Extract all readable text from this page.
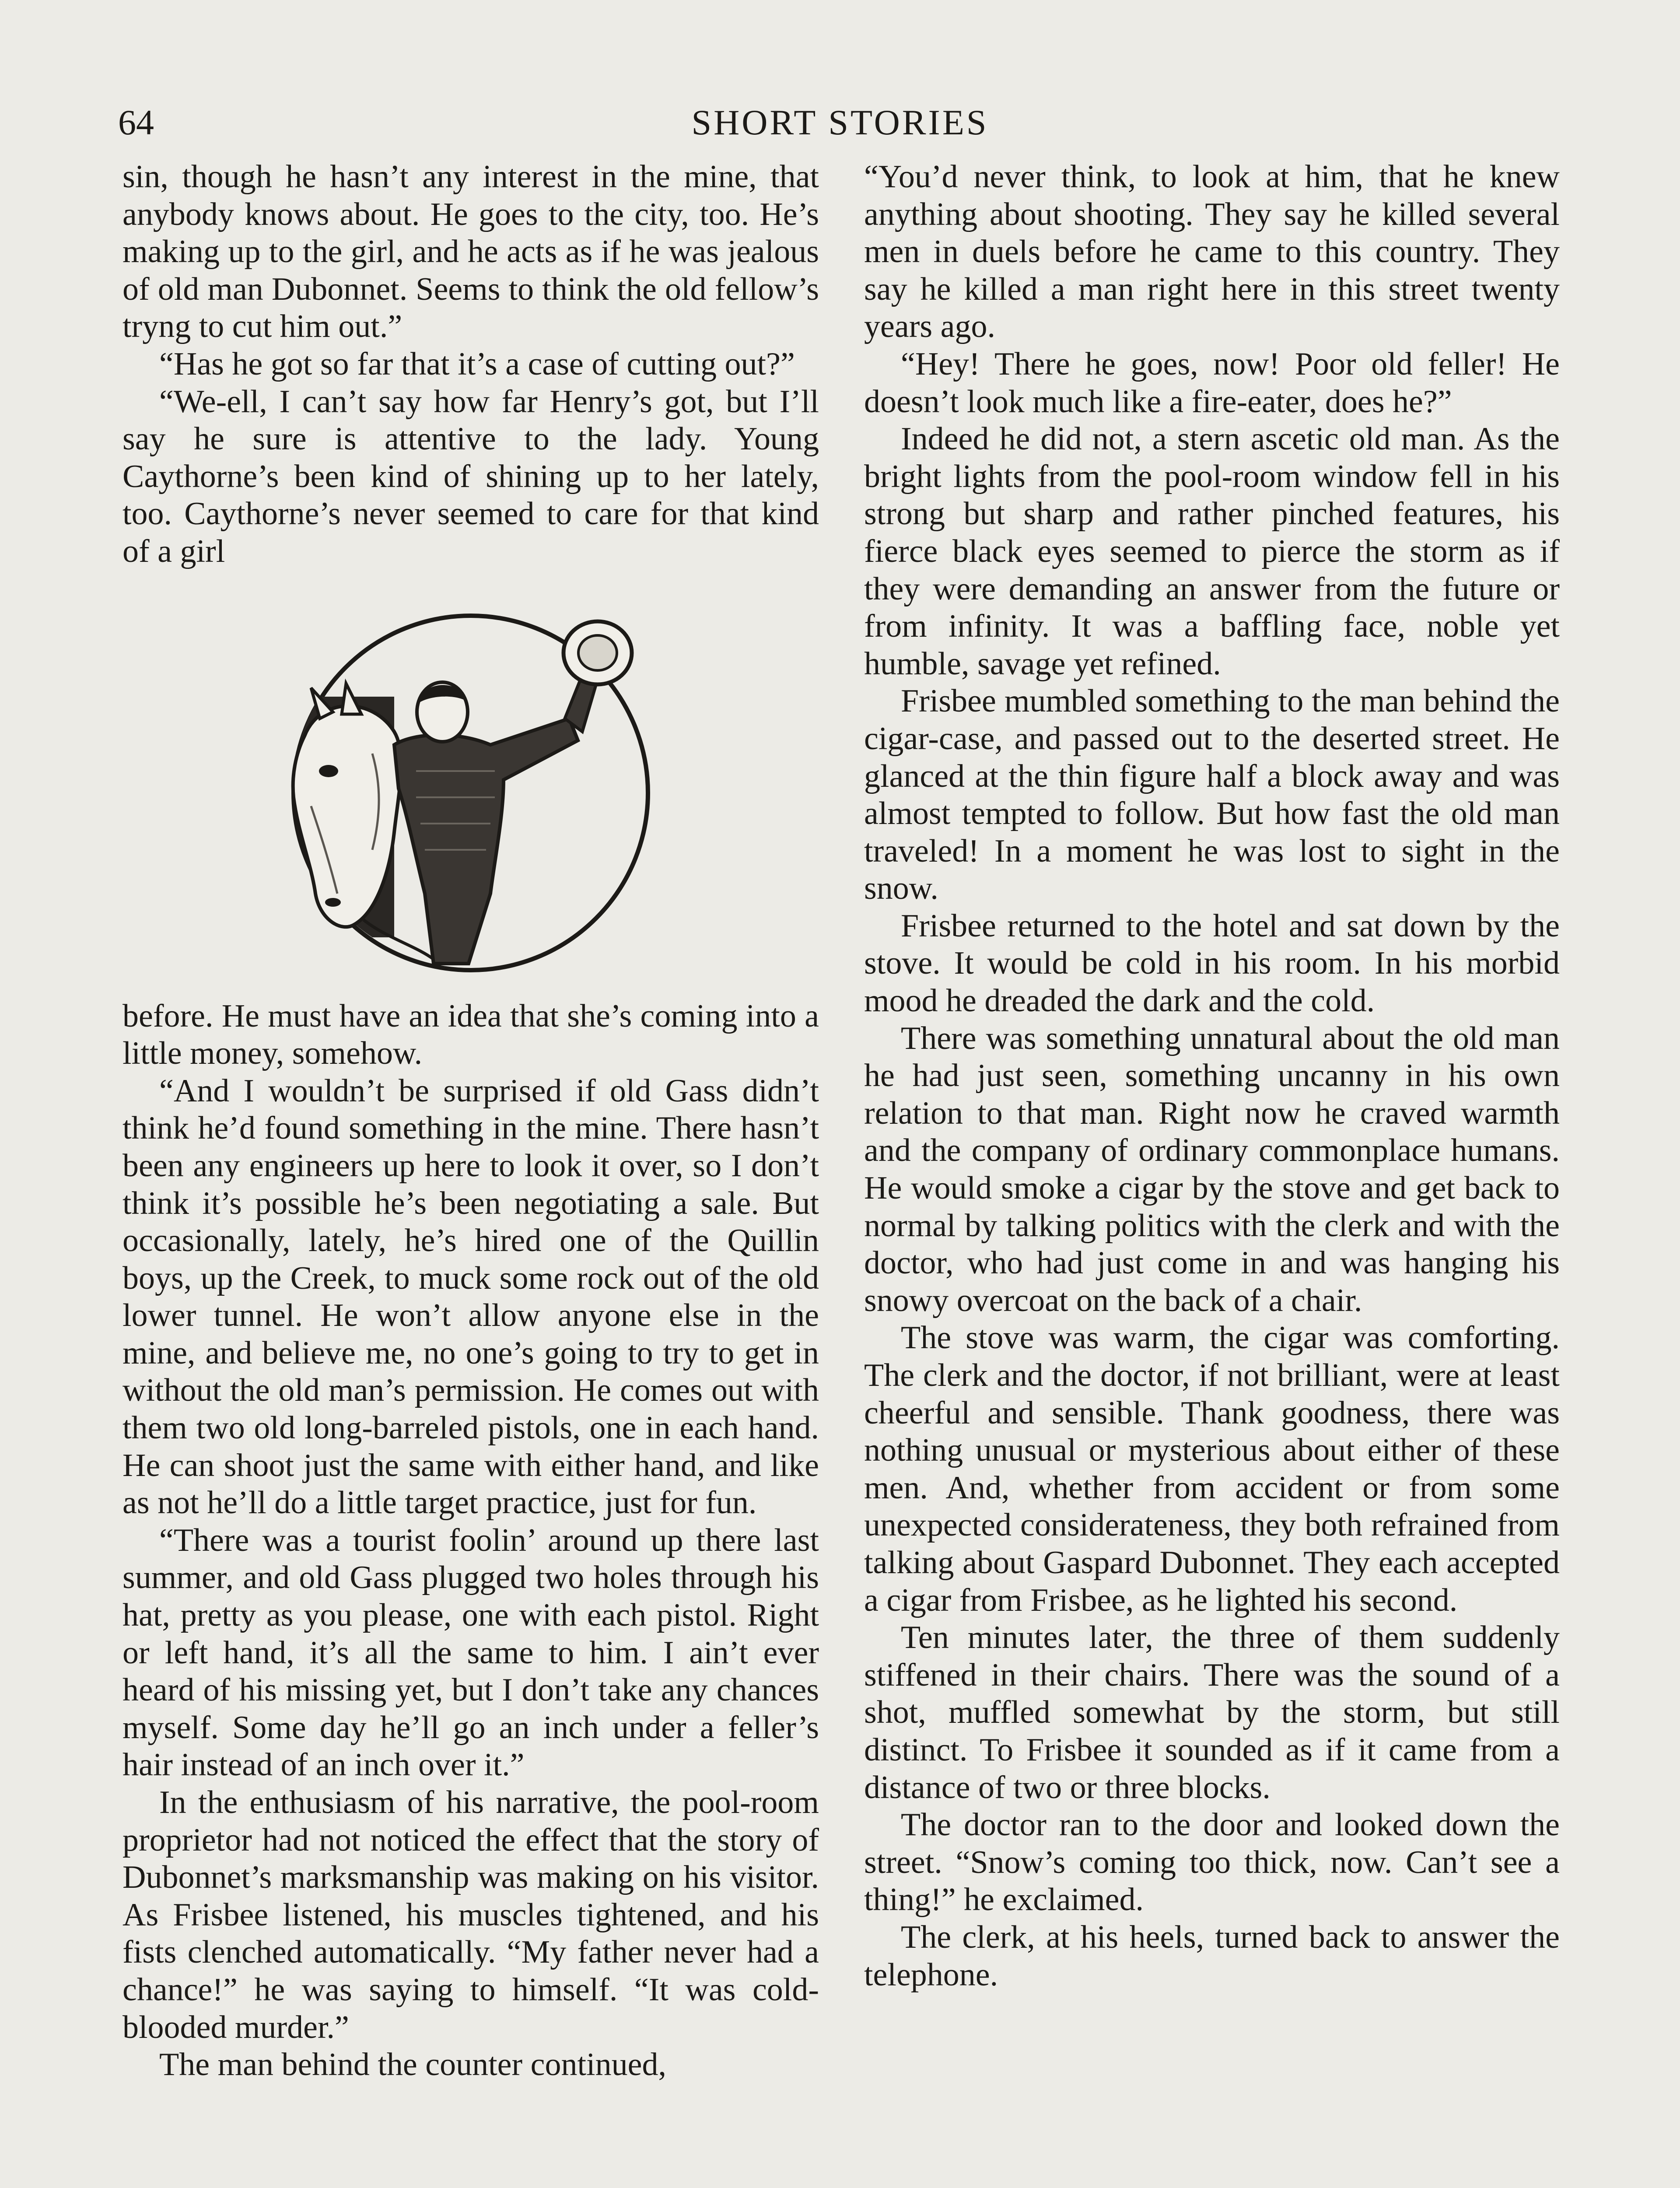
64	SHORT STORIES

sin, though he hasn’t any interest in the mine, that anybody knows about. He goes to the city, too. He’s making up to the girl, and he acts as if he was jealous of old man Dubonnet. Seems to think the old fellow’s tryng to cut him out.”

“Has he got so far that it’s a case of cutting out?”

“We-ell, I can’t say how far Henry’s got, but I’ll say he sure is attentive to the lady. Young Caythorne’s been kind of shining up to her lately, too. Caythorne’s never seemed to care for that kind of a girl

before. He must have an idea that she’s coming into a little money, somehow.

“And I wouldn’t be surprised if old Gass didn’t think he’d found something in the mine. There hasn’t been any engineers up here to look it over, so I don’t think it’s possible he’s been negotiating a sale. But occasionally, lately, he’s hired one of the Quillin boys, up the Creek, to muck some rock out of the old lower tunnel. He won’t allow anyone else in the mine, and believe me, no one’s going to try to get in without the old man’s permission. He comes out with them two old long-barreled pistols, one in each hand. He can shoot just the same with either hand, and like as not he’ll do a little target practice, just for fun.

“There was a tourist foolin’ around up there last summer, and old Gass plugged two holes through his hat, pretty as you please, one with each pistol. Right or left hand, it’s all the same to him. I ain’t ever heard of his missing yet, but I don’t take any chances myself. Some day he’ll go an inch under a feller’s hair instead of an inch over it.”

In the enthusiasm of his narrative, the pool-room proprietor had not noticed the effect that the story of Dubonnet’s marksmanship was making on his visitor. As Frisbee listened, his muscles tightened, and his fists clenched automatically. “My father never had a chance!” he was saying to himself. “It was cold-blooded murder.”

The man behind the counter continued,

“You’d never think, to look at him, that he knew anything about shooting. They say he killed several men in duels before he came to this country. They say he killed a man right here in this street twenty years ago.

“Hey! There he goes, now! Poor old feller! He doesn’t look much like a fire-eater, does he?”

Indeed he did not, a stern ascetic old man. As the bright lights from the pool-room window fell in his strong but sharp and rather pinched features, his fierce black eyes seemed to pierce the storm as if they were demanding an answer from the future or from infinity. It was a baffling face, noble yet humble, savage yet refined.

Frisbee mumbled something to the man behind the cigar-case, and passed out to the deserted street. He glanced at the thin figure half a block away and was almost tempted to follow. But how fast the old man traveled! In a moment he was lost to sight in the snow.

Frisbee returned to the hotel and sat down by the stove. It would be cold in his room. In his morbid mood he dreaded the dark and the cold.

There was something unnatural about the old man he had just seen, something uncanny in his own relation to that man. Right now he craved warmth and the company of ordinary commonplace humans. He would smoke a cigar by the stove and get back to normal by talking politics with the clerk and with the doctor, who had just come in and was hanging his snowy overcoat on the back of a chair.

The stove was warm, the cigar was comforting. The clerk and the doctor, if not brilliant, were at least cheerful and sensible. Thank goodness, there was nothing unusual or mysterious about either of these men. And, whether from accident or from some unexpected considerateness, they both refrained from talking about Gaspard Dubonnet. They each accepted a cigar from Frisbee, as he lighted his second.

Ten minutes later, the three of them suddenly stiffened in their chairs. There was the sound of a shot, muffled somewhat by the storm, but still distinct. To Frisbee it sounded as if it came from a distance of two or three blocks.

The doctor ran to the door and looked down the street. “Snow’s coming too thick, now. Can’t see a thing!” he exclaimed.

The clerk, at his heels, turned back to answer the telephone.
